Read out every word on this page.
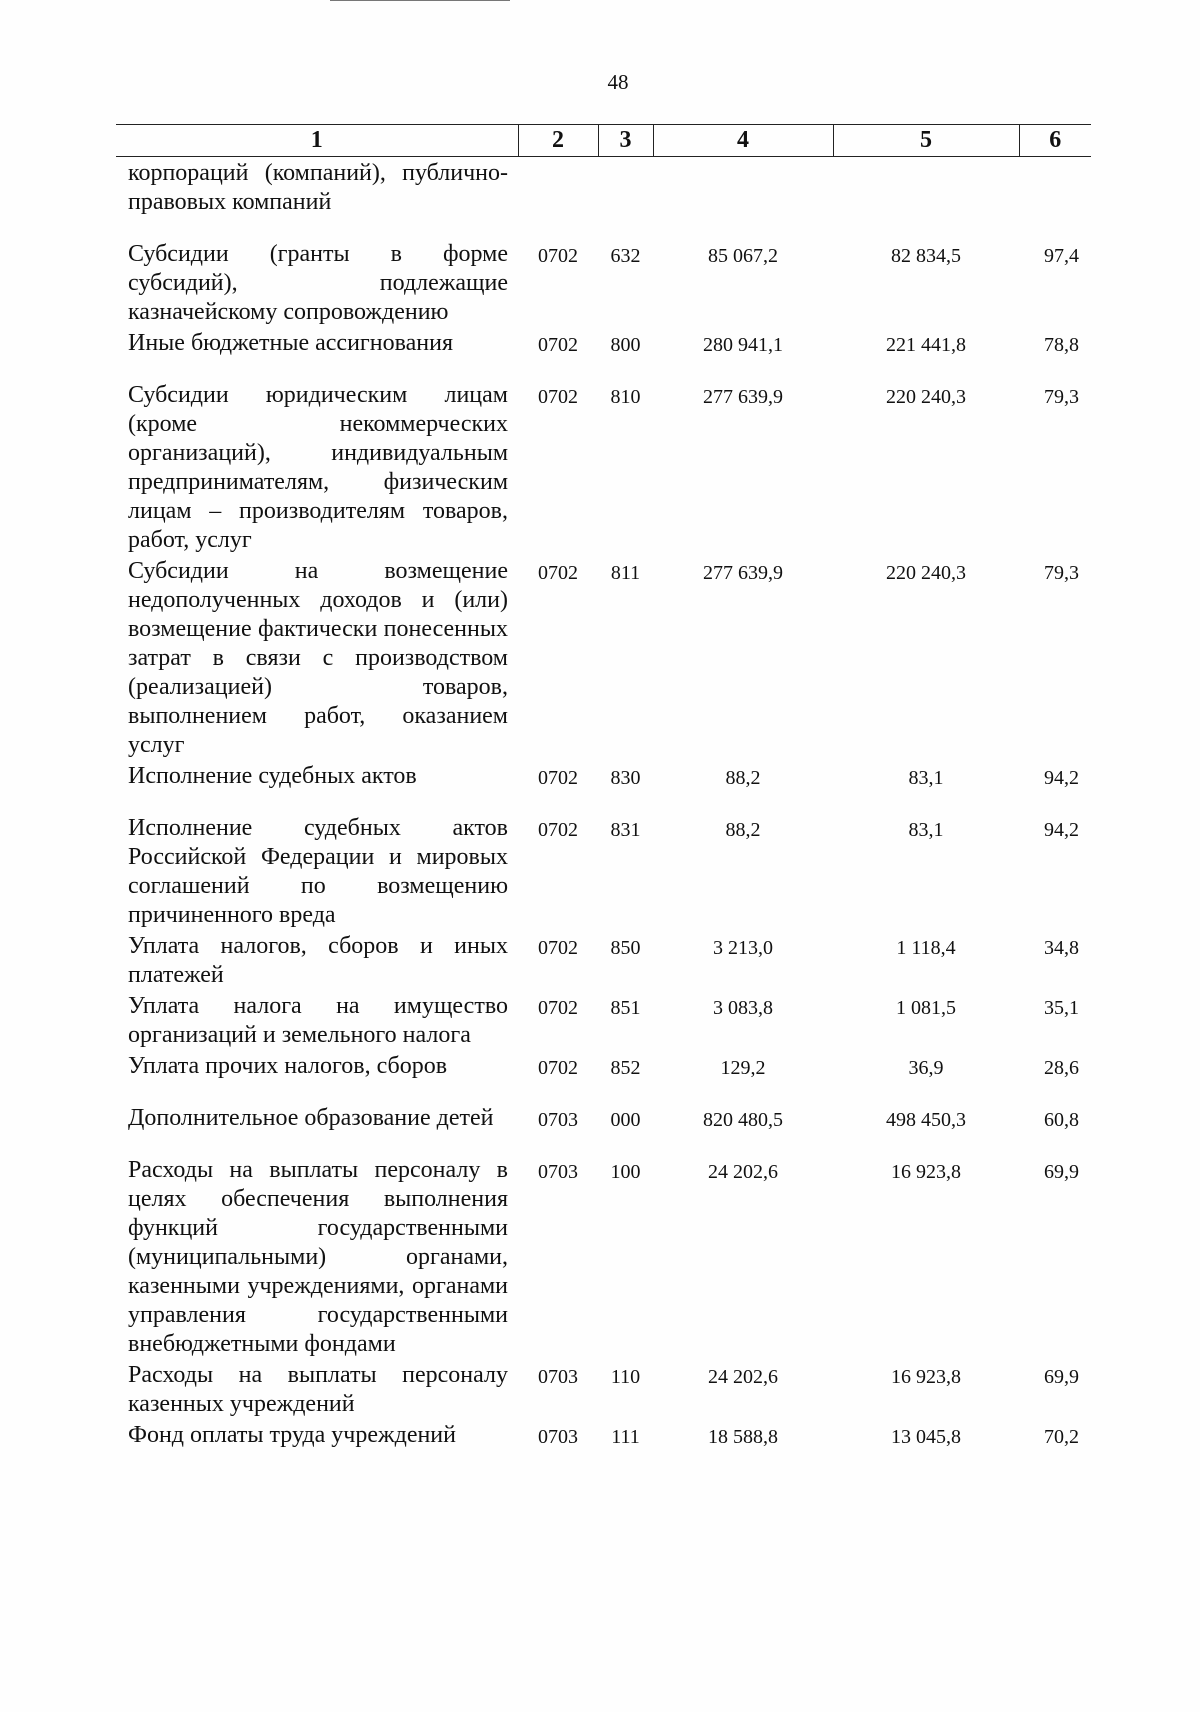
48
1	2	3	4	5	6
корпораций (компаний), публично-правовых компаний					
Субсидии (гранты в форме субсидий), подлежащие казначейскому сопровождению	0702	632	85 067,2	82 834,5	97,4
Иные бюджетные ассигнования	0702	800	280 941,1	221 441,8	78,8
Субсидии юридическим лицам (кроме некоммерческих организаций), индивидуальным предпринимателям, физическим лицам – производителям товаров, работ, услуг	0702	810	277 639,9	220 240,3	79,3
Субсидии на возмещение недополученных доходов и (или) возмещение фактически понесенных затрат в связи с производством (реализацией) товаров, выполнением работ, оказанием услуг	0702	811	277 639,9	220 240,3	79,3
Исполнение судебных актов	0702	830	88,2	83,1	94,2
Исполнение судебных актов Российской Федерации и мировых соглашений по возмещению причиненного вреда	0702	831	88,2	83,1	94,2
Уплата налогов, сборов и иных платежей	0702	850	3 213,0	1 118,4	34,8
Уплата налога на имущество организаций и земельного налога	0702	851	3 083,8	1 081,5	35,1
Уплата прочих налогов, сборов	0702	852	129,2	36,9	28,6
Дополнительное образование детей	0703	000	820 480,5	498 450,3	60,8
Расходы на выплаты персоналу в целях обеспечения выполнения функций государственными (муниципальными) органами, казенными учреждениями, органами управления государственными внебюджетными фондами	0703	100	24 202,6	16 923,8	69,9
Расходы на выплаты персоналу казенных учреждений	0703	110	24 202,6	16 923,8	69,9
Фонд оплаты труда учреждений	0703	111	18 588,8	13 045,8	70,2
